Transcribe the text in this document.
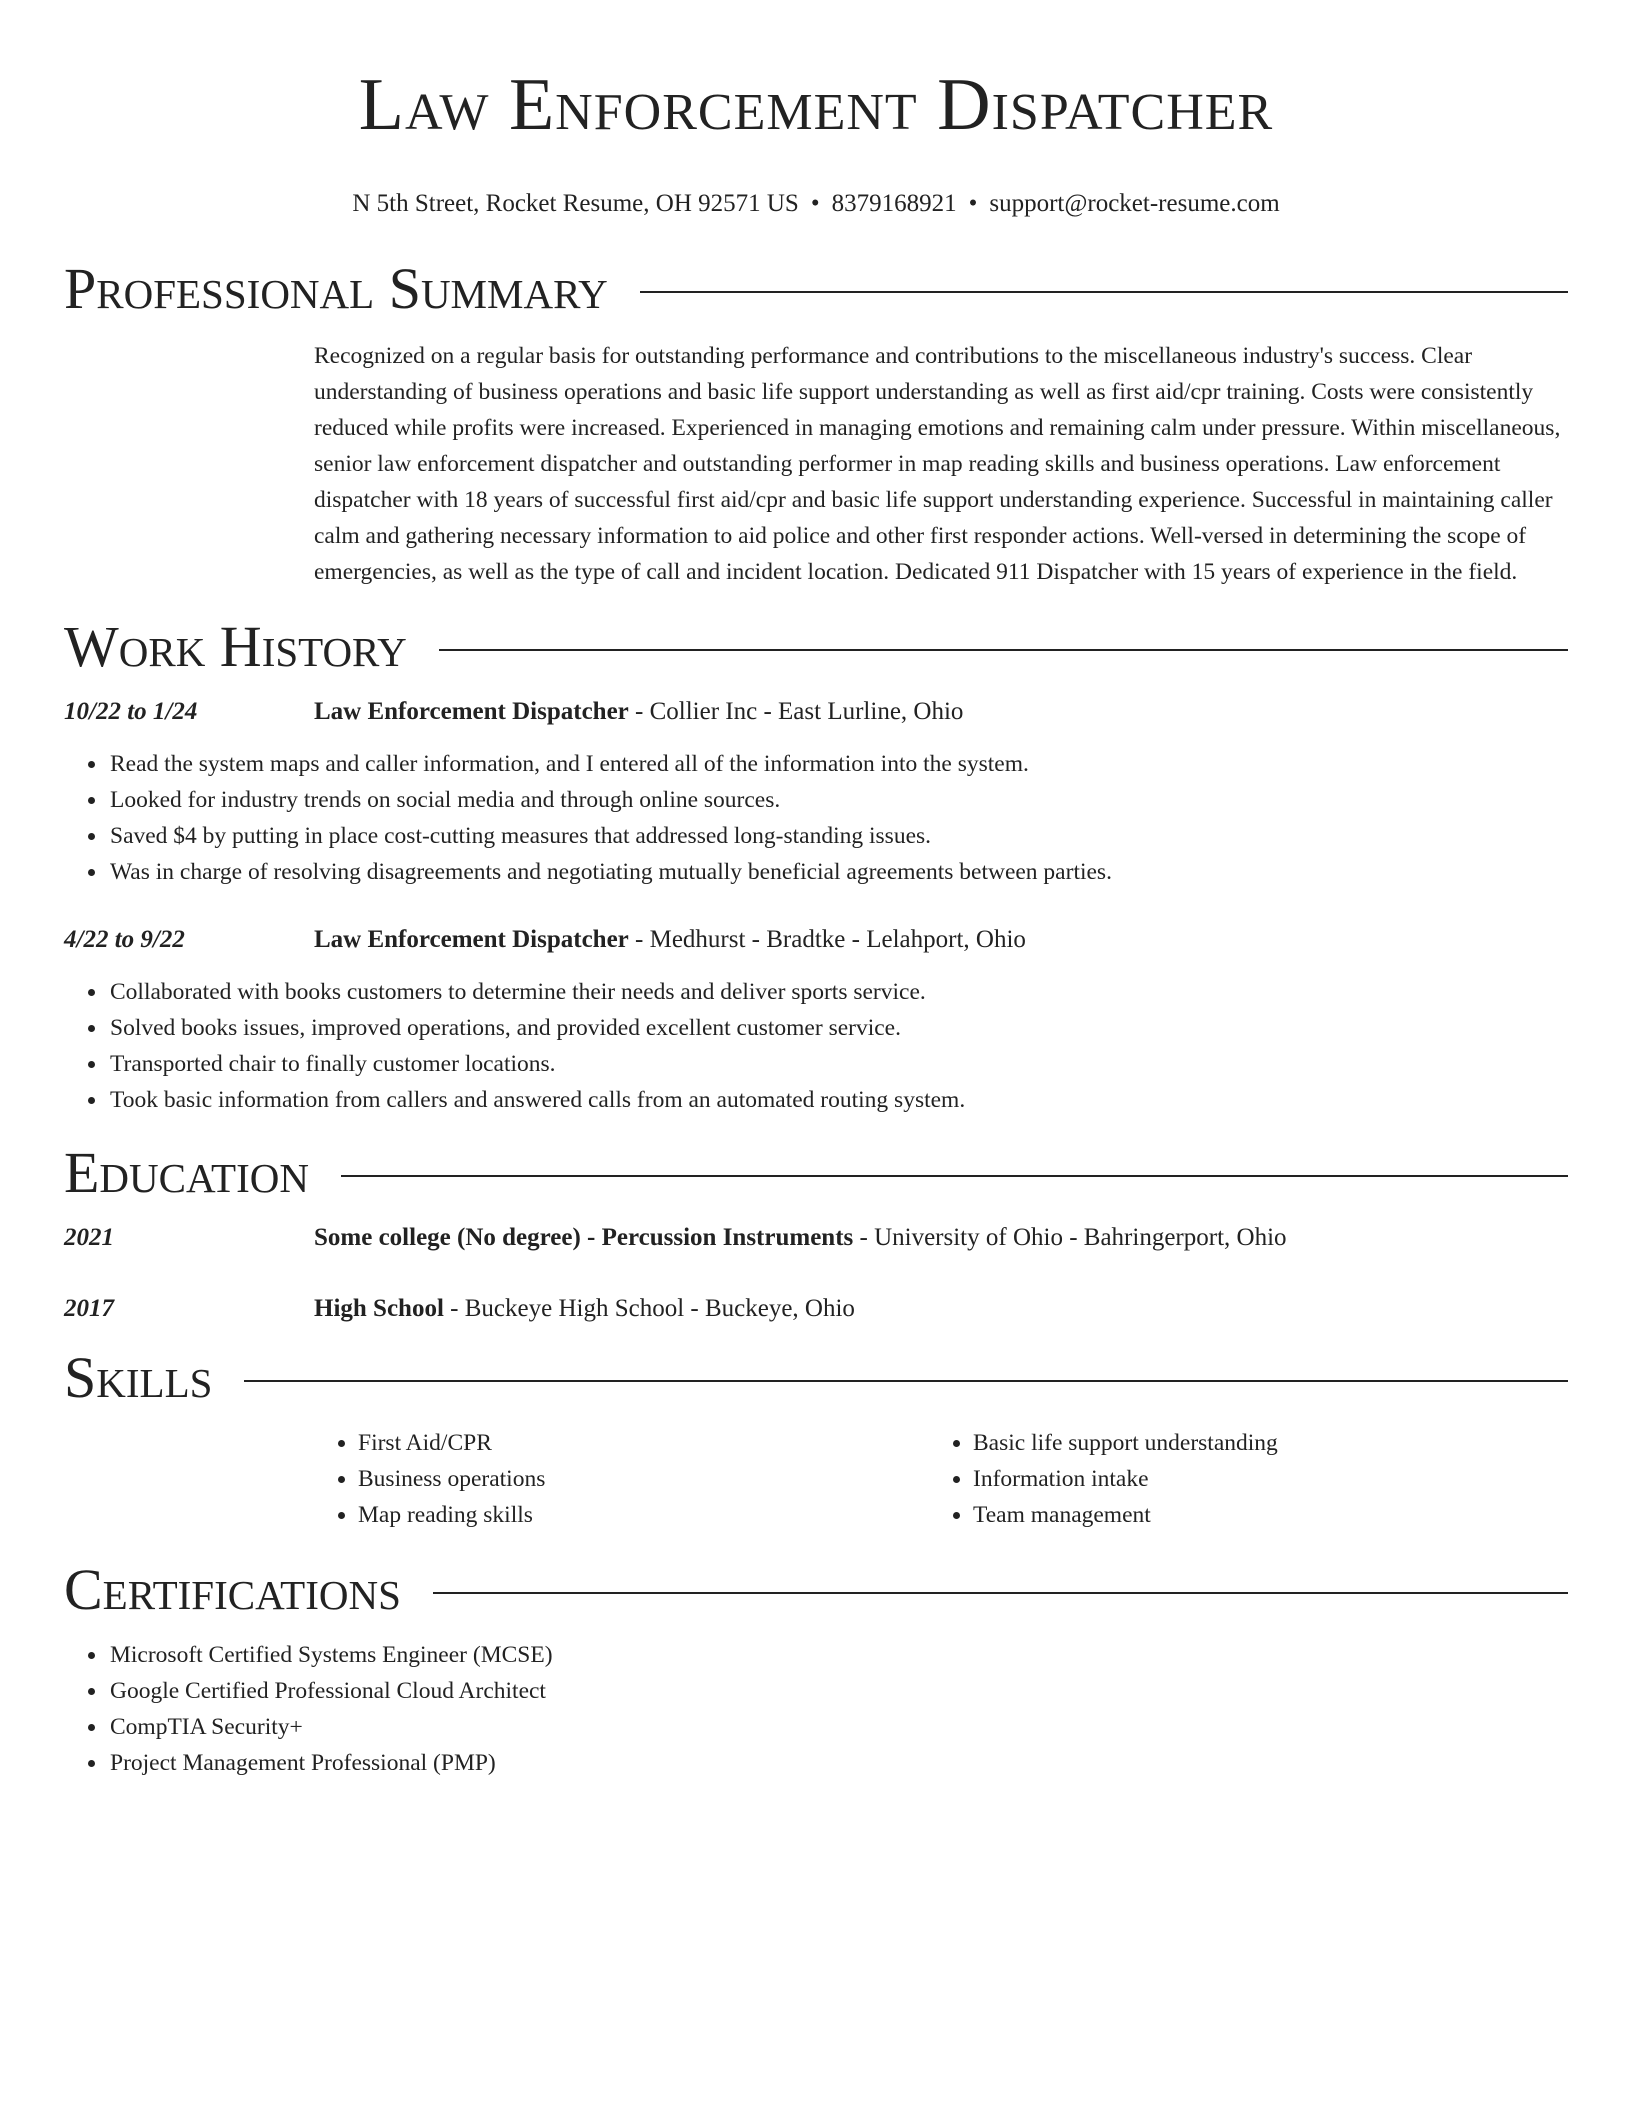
Law Enforcement Dispatcher
N 5th Street, Rocket Resume, OH 92571 US • 8379168921 • support@rocket-resume.com
Professional Summary
Recognized on a regular basis for outstanding performance and contributions to the miscellaneous industry's success. Clear understanding of business operations and basic life support understanding as well as first aid/cpr training. Costs were consistently reduced while profits were increased. Experienced in managing emotions and remaining calm under pressure. Within miscellaneous, senior law enforcement dispatcher and outstanding performer in map reading skills and business operations. Law enforcement dispatcher with 18 years of successful first aid/cpr and basic life support understanding experience. Successful in maintaining caller calm and gathering necessary information to aid police and other first responder actions. Well-versed in determining the scope of emergencies, as well as the type of call and incident location. Dedicated 911 Dispatcher with 15 years of experience in the field.
Work History
10/22 to 1/24	Law Enforcement Dispatcher - Collier Inc - East Lurline, Ohio
• Read the system maps and caller information, and I entered all of the information into the system.
• Looked for industry trends on social media and through online sources.
• Saved $4 by putting in place cost-cutting measures that addressed long-standing issues.
• Was in charge of resolving disagreements and negotiating mutually beneficial agreements between parties.
4/22 to 9/22	Law Enforcement Dispatcher - Medhurst - Bradtke - Lelahport, Ohio
• Collaborated with books customers to determine their needs and deliver sports service.
• Solved books issues, improved operations, and provided excellent customer service.
• Transported chair to finally customer locations.
• Took basic information from callers and answered calls from an automated routing system.
Education
2021	Some college (No degree) - Percussion Instruments - University of Ohio - Bahringerport, Ohio
2017	High School - Buckeye High School - Buckeye, Ohio
Skills
• First Aid/CPR
• Business operations
• Map reading skills
• Basic life support understanding
• Information intake
• Team management
Certifications
• Microsoft Certified Systems Engineer (MCSE)
• Google Certified Professional Cloud Architect
• CompTIA Security+
• Project Management Professional (PMP)
